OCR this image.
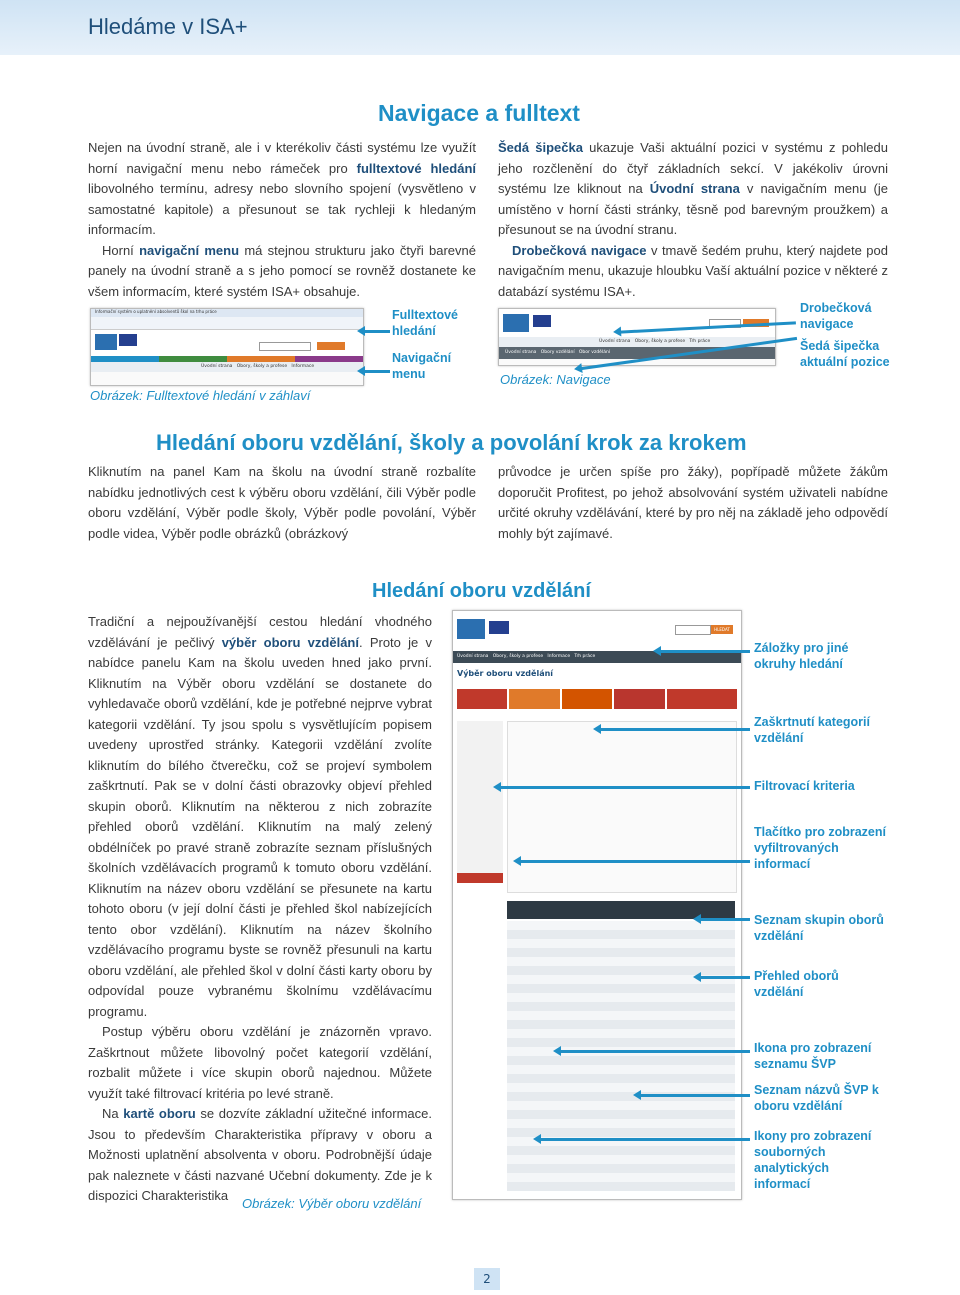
Hledáme v ISA+
Navigace a fulltext
Nejen na úvodní straně, ale i v kterékoliv části systému lze využít horní navigační menu nebo rámeček pro fulltextové hledání libovolného termínu, adresy nebo slovního spojení (vysvětleno v samostatné kapitole) a přesunout se tak rychleji k hledaným informacím.
Horní navigační menu má stejnou strukturu jako čtyři barevné panely na úvodní straně a s jeho pomocí se rovněž dostanete ke všem informacím, které systém ISA+ obsahuje.
Informační systém o uplatnění absolventů škol na trhu práce
Úvodní strana   Obory, školy a profese   Informace
Fulltextové hledání
Navigační menu
Obrázek: Fulltextové hledání v záhlaví
Šedá šipečka ukazuje Vaši aktuální pozici v systému z pohledu jeho rozčlenění do čtyř základních sekcí. V jakékoliv úrovni systému lze kliknout na Úvodní strana v navigačním menu (je umístěno v horní části stránky, těsně pod barevným proužkem) a přesunout se na úvodní stranu.
Drobečková navigace v tmavě šedém pruhu, který najdete pod navigačním menu, ukazuje hloubku Vaší aktuální pozice v některé z databází systému ISA+.
Úvodní strana   Obory, školy a profese   Trh práce
Úvodní strana   Obory vzdělání   Obor vzdělání
Drobečková navigace
Šedá šipečka aktuální pozice
Obrázek: Navigace
Hledání oboru vzdělání, školy a povolání krok za krokem
Kliknutím na panel Kam na školu na úvodní straně rozbalíte nabídku jednotlivých cest k výběru oboru vzdělání, čili Výběr podle oboru vzdělání, Výběr podle školy, Výběr podle povolání, Výběr podle videa, Výběr podle obrázků (obrázkový
průvodce je určen spíše pro žáky), popřípadě můžete žákům doporučit Profitest, po jehož absolvování systém uživateli nabídne určité okruhy vzdělávání, které by pro něj na základě jeho odpovědí mohly být zajímavé.
Hledání oboru vzdělání
Tradiční a nejpoužívanější cestou hledání vhodného vzdělávání je pečlivý výběr oboru vzdělání. Proto je v nabídce panelu Kam na školu uveden hned jako první. Kliknutím na Výběr oboru vzdělání se dostanete do vyhledavače oborů vzdělání, kde je potřebné nejprve vybrat kategorii vzdělání. Ty jsou spolu s vysvětlujícím popisem uvedeny uprostřed stránky. Kategorii vzdělání zvolíte kliknutím do bílého čtverečku, což se projeví symbolem zaškrtnutí. Pak se v dolní části obrazovky objeví přehled skupin oborů. Kliknutím na některou z nich zobrazíte přehled oborů vzdělání. Kliknutím na malý zelený obdélníček po pravé straně zobrazíte seznam příslušných školních vzdělávacích programů k tomuto oboru vzdělání. Kliknutím na název oboru vzdělání se přesunete na kartu tohoto oboru (v její dolní části je přehled škol nabízejících tento obor vzdělání). Kliknutím na název školního vzdělávacího programu byste se rovněž přesunuli na kartu oboru vzdělání, ale přehled škol v dolní části karty oboru by odpovídal pouze vybranému školnímu vzdělávacímu programu.
Postup výběru oboru vzdělání je znázorněn vpravo. Zaškrtnout můžete libovolný počet kategorií vzdělání, rozbalit můžete i více skupin oborů najednou. Můžete využít také filtrovací kritéria po levé straně.
Na kartě oboru se dozvíte základní užitečné informace. Jsou to především Charakteristika přípravy v oboru a Možnosti uplatnění absolventa v oboru. Podrobnější údaje pak naleznete v části nazvané Učební dokumenty. Zde je k dispozici Charakteristika
Obrázek: Výběr oboru vzdělání
HLEDAT
Úvodní strana   Obory, školy a profese   Informace   Trh práce
Výběr oboru vzdělání
Záložky pro jiné okruhy hledání
Zaškrtnutí kategorií vzdělání
Filtrovací kriteria
Tlačítko pro zobrazení vyfiltrovaných informací
Seznam skupin oborů vzdělání
Přehled oborů vzdělání
Ikona pro zobrazení seznamu ŠVP
Seznam názvů ŠVP k oboru vzdělání
Ikony pro zobrazení souborných analytických informací
2
